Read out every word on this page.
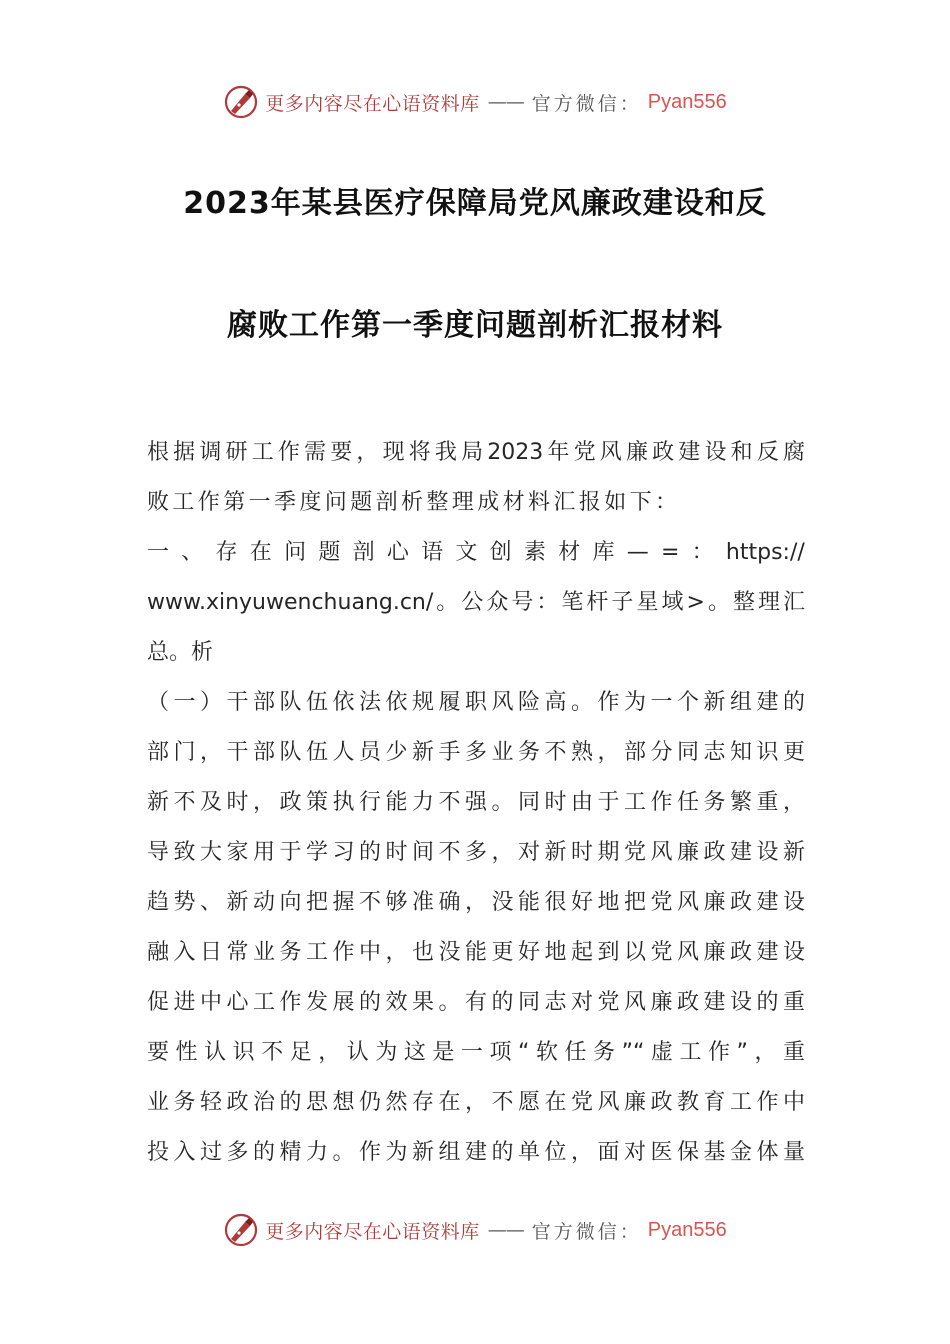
更多内容尽在心语资料库 —— 官方微信： Pyan556
2023年某县医疗保障局党风廉政建设和反
腐败工作第一季度问题剖析汇报材料
根据调研工作需要，现将我局2023年党风廉政建设和反腐
败工作第一季度问题剖析整理成材料汇报如下：
一 、 存 在 问 题 剖 心 语 文 创 素 材 库 — = ： https://
www.xinyuwenchuang.cn/。公众号：笔杆子星域>。整理汇
总。析
（一）干部队伍依法依规履职风险高。作为一个新组建的
部门，干部队伍人员少新手多业务不熟，部分同志知识更
新不及时，政策执行能力不强。同时由于工作任务繁重，
导致大家用于学习的时间不多，对新时期党风廉政建设新
趋势、新动向把握不够准确，没能很好地把党风廉政建设
融入日常业务工作中，也没能更好地起到以党风廉政建设
促进中心工作发展的效果。有的同志对党风廉政建设的重
要性认识不足，认为这是一项“软任务”“虚工作”，重
业务轻政治的思想仍然存在，不愿在党风廉政教育工作中
投入过多的精力。作为新组建的单位，面对医保基金体量
更多内容尽在心语资料库 —— 官方微信： Pyan556
